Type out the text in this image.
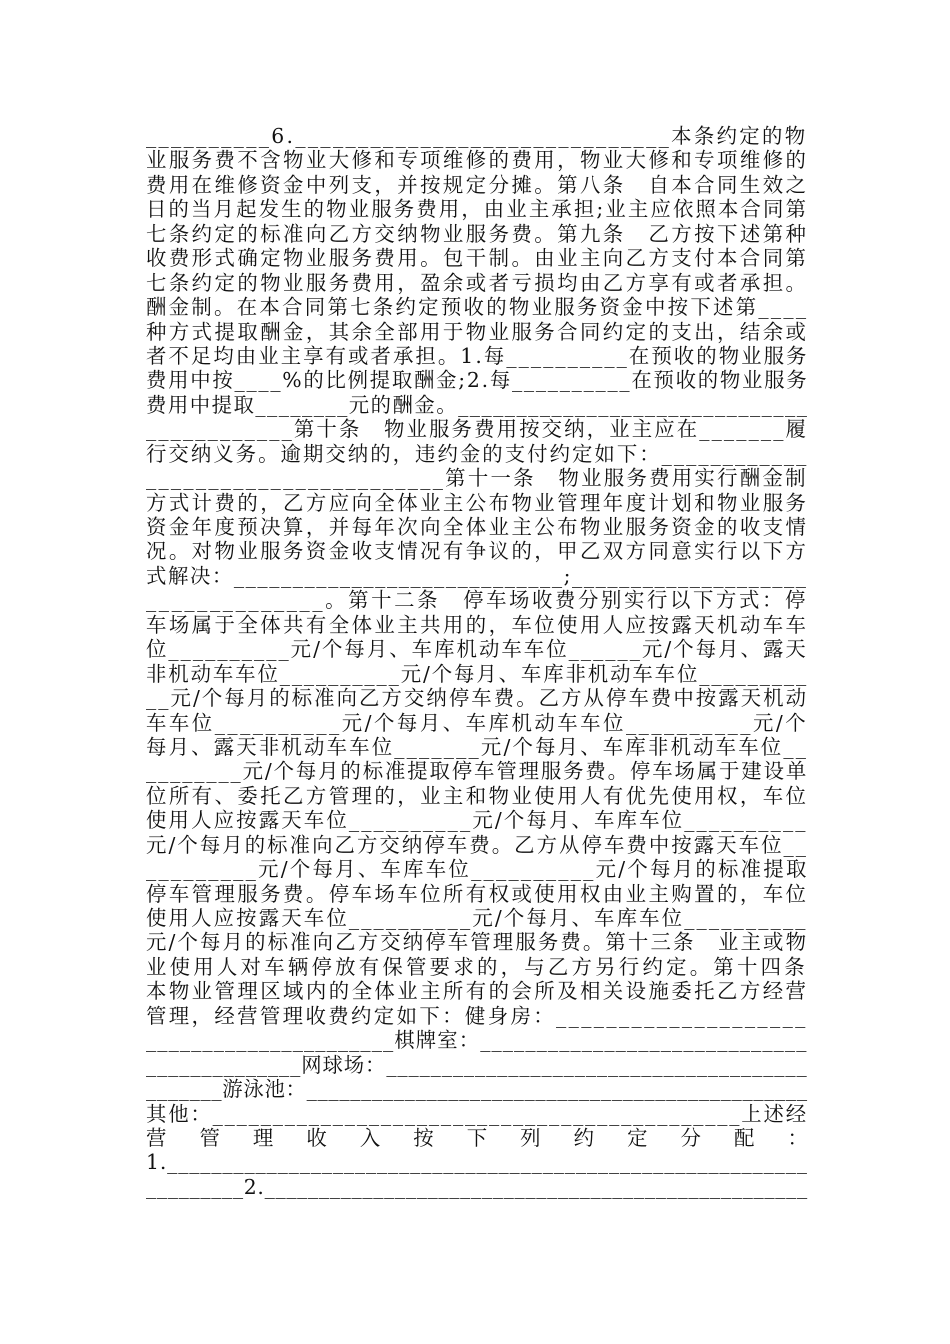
__________6.______________________________本条约定的物
业服务费不含物业大修和专项维修的费用，物业大修和专项维修的
费用在维修资金中列支，并按规定分摊。第八条　自本合同生效之
日的当月起发生的物业服务费用，由业主承担;业主应依照本合同第
七条约定的标准向乙方交纳物业服务费。第九条　乙方按下述第种
收费形式确定物业服务费用。包干制。由业主向乙方支付本合同第
七条约定的物业服务费用，盈余或者亏损均由乙方享有或者承担。
酬金制。在本合同第七条约定预收的物业服务资金中按下述第____
种方式提取酬金，其余全部用于物业服务合同约定的支出，结余或
者不足均由业主享有或者承担。1.每__________在预收的物业服务
费用中按____%的比例提取酬金;2.每__________在预收的物业服务
费用中提取________元的酬金。______________________________
____________第十条　物业服务费用按交纳，业主应在_______履
行交纳义务。逾期交纳的，违约金的支付约定如下：____________
________________________第十一条　物业服务费用实行酬金制
方式计费的，乙方应向全体业主公布物业管理年度计划和物业服务
资金年度预决算，并每年次向全体业主公布物业服务资金的收支情
况。对物业服务资金收支情况有争议的，甲乙双方同意实行以下方
式解决：____________________________;____________________
______________。第十二条　停车场收费分别实行以下方式：停
车场属于全体共有全体业主共用的，车位使用人应按露天机动车车
位__________元/个每月、车库机动车车位______元/个每月、露天
非机动车车位__________元/个每月、车库非机动车车位_________
__元/个每月的标准向乙方交纳停车费。乙方从停车费中按露天机动
车车位__________元/个每月、车库机动车车位__________元/个
每月、露天非机动车车位_______元/个每月、车库非机动车车位__
________元/个每月的标准提取停车管理服务费。停车场属于建设单
位所有、委托乙方管理的，业主和物业使用人有优先使用权，车位
使用人应按露天车位__________元/个每月、车库车位__________
元/个每月的标准向乙方交纳停车费。乙方从停车费中按露天车位__
_________元/个每月、车库车位__________元/个每月的标准提取
停车管理服务费。停车场车位所有权或使用权由业主购置的，车位
使用人应按露天车位__________元/个每月、车库车位__________
元/个每月的标准向乙方交纳停车管理服务费。第十三条　业主或物
业使用人对车辆停放有保管要求的，与乙方另行约定。第十四条
本物业管理区域内的全体业主所有的会所及相关设施委托乙方经营
管理，经营管理收费约定如下：健身房：____________________
______________________棋牌室：_____________________________
______________网球场：______________________________________
_______游泳池：______________________________________________
其他：____________________________________________上述经
营 管 理 收 入 按 下 列 约 定 分 配 ：
1.__________________________________________________________
_________2.__________________________________________________
